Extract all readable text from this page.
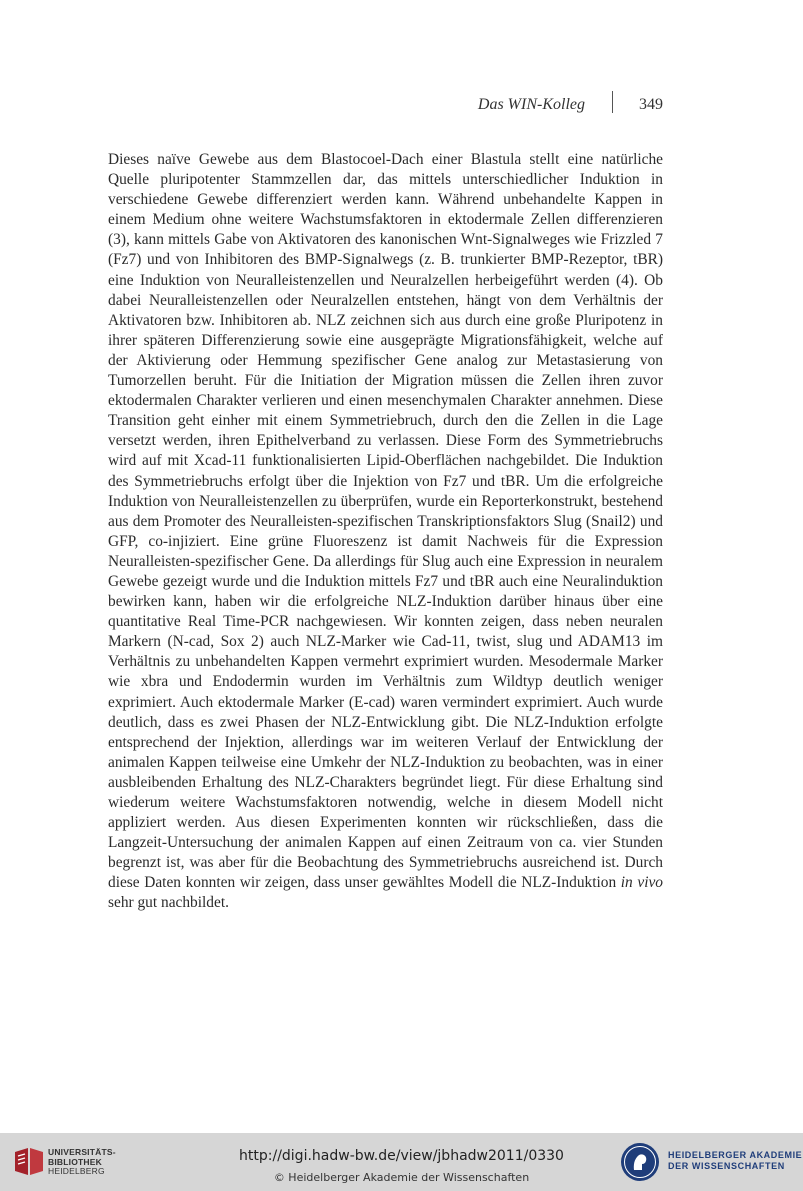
Das WIN-Kolleg	349

Dieses naïve Gewebe aus dem Blastocoel-Dach einer Blastula stellt eine natürliche Quelle pluripotenter Stammzellen dar, das mittels unterschiedlicher Induktion in verschiedene Gewebe differenziert werden kann. Während unbehandelte Kappen in einem Medium ohne weitere Wachstumsfaktoren in ektodermale Zellen differenzieren (3), kann mittels Gabe von Aktivatoren des kanonischen Wnt-Signalweges wie Frizzled 7 (Fz7) und von Inhibitoren des BMP-Signalwegs (z. B. trunkierter BMP-Rezeptor, tBR) eine Induktion von Neuralleistenzellen und Neuralzellen herbeigeführt werden (4). Ob dabei Neuralleistenzellen oder Neuralzellen entstehen, hängt von dem Verhältnis der Aktivatoren bzw. Inhibitoren ab. NLZ zeichnen sich aus durch eine große Pluripotenz in ihrer späteren Differenzierung sowie eine ausgeprägte Migrationsfähigkeit, welche auf der Aktivierung oder Hemmung spezifischer Gene analog zur Metastasierung von Tumorzellen beruht. Für die Initiation der Migration müssen die Zellen ihren zuvor ektodermalen Charakter verlieren und einen mesenchymalen Charakter annehmen. Diese Transition geht einher mit einem Symmetriebruch, durch den die Zellen in die Lage versetzt werden, ihren Epithelverband zu verlassen. Diese Form des Symmetriebruchs wird auf mit Xcad-11 funktionalisierten Lipid-Oberflächen nachgebildet. Die Induktion des Symmetriebruchs erfolgt über die Injektion von Fz7 und tBR. Um die erfolgreiche Induktion von Neuralleistenzellen zu überprüfen, wurde ein Reporterkonstrukt, bestehend aus dem Promoter des Neuralleisten-spezifischen Transkriptionsfaktors Slug (Snail2) und GFP, co-injiziert. Eine grüne Fluoreszenz ist damit Nachweis für die Expression Neuralleisten-spezifischer Gene. Da allerdings für Slug auch eine Expression in neuralem Gewebe gezeigt wurde und die Induktion mittels Fz7 und tBR auch eine Neuralinduktion bewirken kann, haben wir die erfolgreiche NLZ-Induktion darüber hinaus über eine quantitative Real Time-PCR nachgewiesen. Wir konnten zeigen, dass neben neuralen Markern (N-cad, Sox 2) auch NLZ-Marker wie Cad-11, twist, slug und ADAM13 im Verhältnis zu unbehandelten Kappen vermehrt exprimiert wurden. Mesodermale Marker wie xbra und Endodermin wurden im Verhältnis zum Wildtyp deutlich weniger exprimiert. Auch ektodermale Marker (E-cad) waren vermindert exprimiert. Auch wurde deutlich, dass es zwei Phasen der NLZ-Entwicklung gibt. Die NLZ-Induktion erfolgte entsprechend der Injektion, allerdings war im weiteren Verlauf der Entwicklung der animalen Kappen teilweise eine Umkehr der NLZ-Induktion zu beobachten, was in einer ausbleibenden Erhaltung des NLZ-Charakters begründet liegt. Für diese Erhaltung sind wiederum weitere Wachstumsfaktoren notwendig, welche in diesem Modell nicht appliziert werden. Aus diesen Experimenten konnten wir rückschließen, dass die Langzeit-Untersuchung der animalen Kappen auf einen Zeitraum von ca. vier Stunden begrenzt ist, was aber für die Beobachtung des Symmetriebruchs ausreichend ist. Durch diese Daten konnten wir zeigen, dass unser gewähltes Modell die NLZ-Induktion in vivo sehr gut nachbildet.

UNIVERSITÄTS-
BIBLIOTHEK
HEIDELBERG
http://digi.hadw-bw.de/view/jbhadw2011/0330
© Heidelberger Akademie der Wissenschaften
HEIDELBERGER AKADEMIE
DER WISSENSCHAFTEN
